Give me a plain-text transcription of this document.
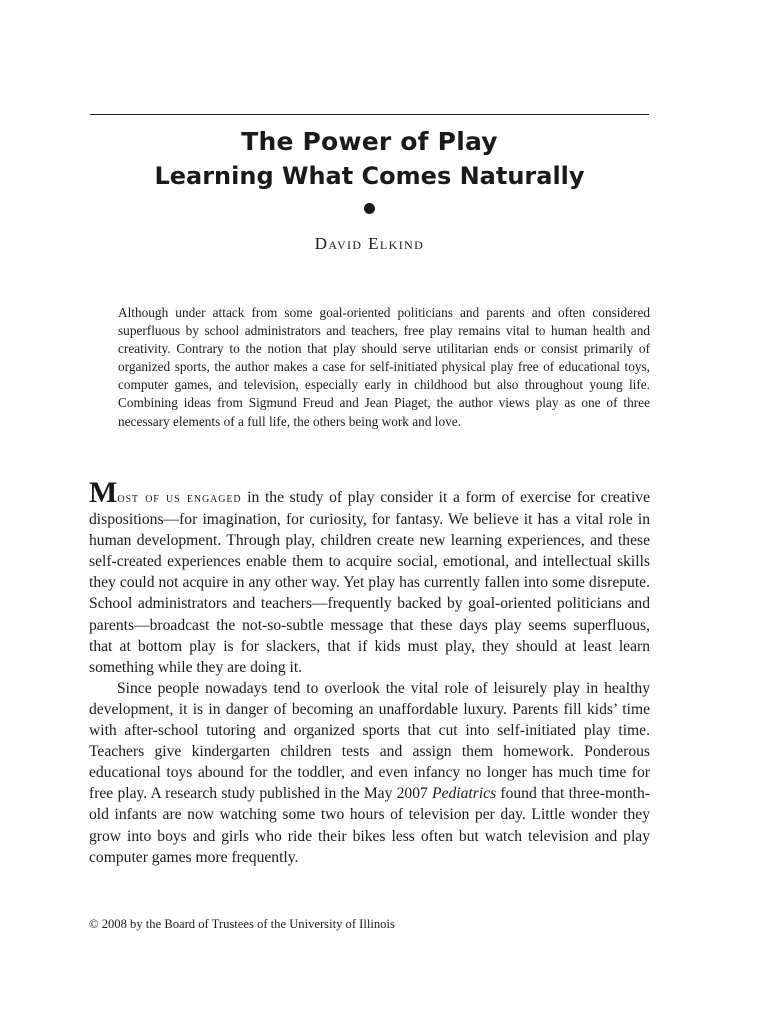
The Power of Play
Learning What Comes Naturally
David Elkind

Although under attack from some goal-oriented politicians and parents and often considered superfluous by school administrators and teachers, free play remains vital to human health and creativity. Contrary to the notion that play should serve utilitarian ends or consist primarily of organized sports, the author makes a case for self-initiated physical play free of educational toys, computer games, and television, especially early in childhood but also throughout young life. Combining ideas from Sigmund Freud and Jean Piaget, the author views play as one of three necessary elements of a full life, the others being work and love.

Most of us engaged in the study of play consider it a form of exercise for creative dispositions—for imagination, for curiosity, for fantasy. We believe it has a vital role in human development. Through play, children create new learning experiences, and these self-created experiences enable them to acquire social, emotional, and intellectual skills they could not acquire in any other way. Yet play has currently fallen into some disrepute. School administrators and teachers—frequently backed by goal-oriented politicians and parents—broadcast the not-so-subtle message that these days play seems superfluous, that at bottom play is for slackers, that if kids must play, they should at least learn something while they are doing it.

Since people nowadays tend to overlook the vital role of leisurely play in healthy development, it is in danger of becoming an unaffordable luxury. Parents fill kids’ time with after-school tutoring and organized sports that cut into self-initiated play time. Teachers give kindergarten children tests and assign them homework. Ponderous educational toys abound for the toddler, and even infancy no longer has much time for free play. A research study published in the May 2007 Pediatrics found that three-month-old infants are now watching some two hours of television per day. Little wonder they grow into boys and girls who ride their bikes less often but watch television and play computer games more frequently.

© 2008 by the Board of Trustees of the University of Illinois
